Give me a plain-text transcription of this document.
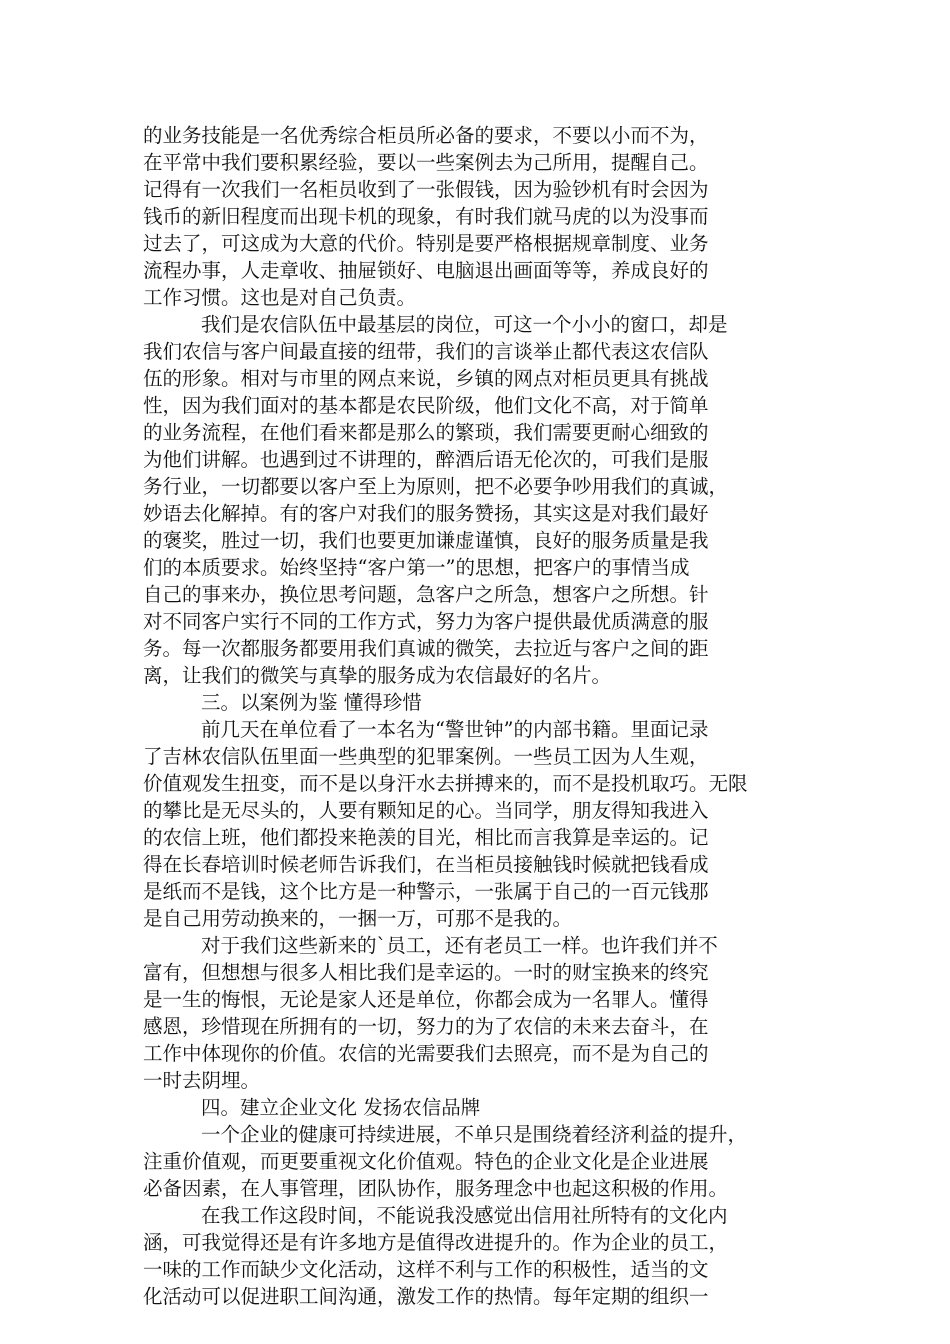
的业务技能是一名优秀综合柜员所必备的要求，不要以小而不为，
在平常中我们要积累经验，要以一些案例去为己所用，提醒自己。
记得有一次我们一名柜员收到了一张假钱，因为验钞机有时会因为
钱币的新旧程度而出现卡机的现象，有时我们就马虎的以为没事而
过去了，可这成为大意的代价。特别是要严格根据规章制度、业务
流程办事，人走章收、抽屉锁好、电脑退出画面等等，养成良好的
工作习惯。这也是对自己负责。
我们是农信队伍中最基层的岗位，可这一个小小的窗口，却是
我们农信与客户间最直接的纽带，我们的言谈举止都代表这农信队
伍的形象。相对与市里的网点来说，乡镇的网点对柜员更具有挑战
性，因为我们面对的基本都是农民阶级，他们文化不高，对于简单
的业务流程，在他们看来都是那么的繁琐，我们需要更耐心细致的
为他们讲解。也遇到过不讲理的，醉酒后语无伦次的，可我们是服
务行业，一切都要以客户至上为原则，把不必要争吵用我们的真诚，
妙语去化解掉。有的客户对我们的服务赞扬，其实这是对我们最好
的褒奖，胜过一切，我们也要更加谦虚谨慎，良好的服务质量是我
们的本质要求。始终坚持“客户第一”的思想，把客户的事情当成
自己的事来办，换位思考问题，急客户之所急，想客户之所想。针
对不同客户实行不同的工作方式，努力为客户提供最优质满意的服
务。每一次都服务都要用我们真诚的微笑，去拉近与客户之间的距
离，让我们的微笑与真挚的服务成为农信最好的名片。
三。以案例为鉴 懂得珍惜
前几天在单位看了一本名为“警世钟”的内部书籍。里面记录
了吉林农信队伍里面一些典型的犯罪案例。一些员工因为人生观，
价值观发生扭变，而不是以身汗水去拼搏来的，而不是投机取巧。无限
的攀比是无尽头的，人要有颗知足的心。当同学，朋友得知我进入
的农信上班，他们都投来艳羡的目光，相比而言我算是幸运的。记
得在长春培训时候老师告诉我们，在当柜员接触钱时候就把钱看成
是纸而不是钱，这个比方是一种警示，一张属于自己的一百元钱那
是自己用劳动换来的，一捆一万，可那不是我的。
对于我们这些新来的`员工，还有老员工一样。也许我们并不
富有，但想想与很多人相比我们是幸运的。一时的财宝换来的终究
是一生的悔恨，无论是家人还是单位，你都会成为一名罪人。懂得
感恩，珍惜现在所拥有的一切，努力的为了农信的未来去奋斗，在
工作中体现你的价值。农信的光需要我们去照亮，而不是为自己的
一时去阴埋。
四。建立企业文化 发扬农信品牌
一个企业的健康可持续进展，不单只是围绕着经济利益的提升，
注重价值观，而更要重视文化价值观。特色的企业文化是企业进展
必备因素，在人事管理，团队协作，服务理念中也起这积极的作用。
在我工作这段时间，不能说我没感觉出信用社所特有的文化内
涵，可我觉得还是有许多地方是值得改进提升的。作为企业的员工，
一味的工作而缺少文化活动，这样不利与工作的积极性，适当的文
化活动可以促进职工间沟通，激发工作的热情。每年定期的组织一
